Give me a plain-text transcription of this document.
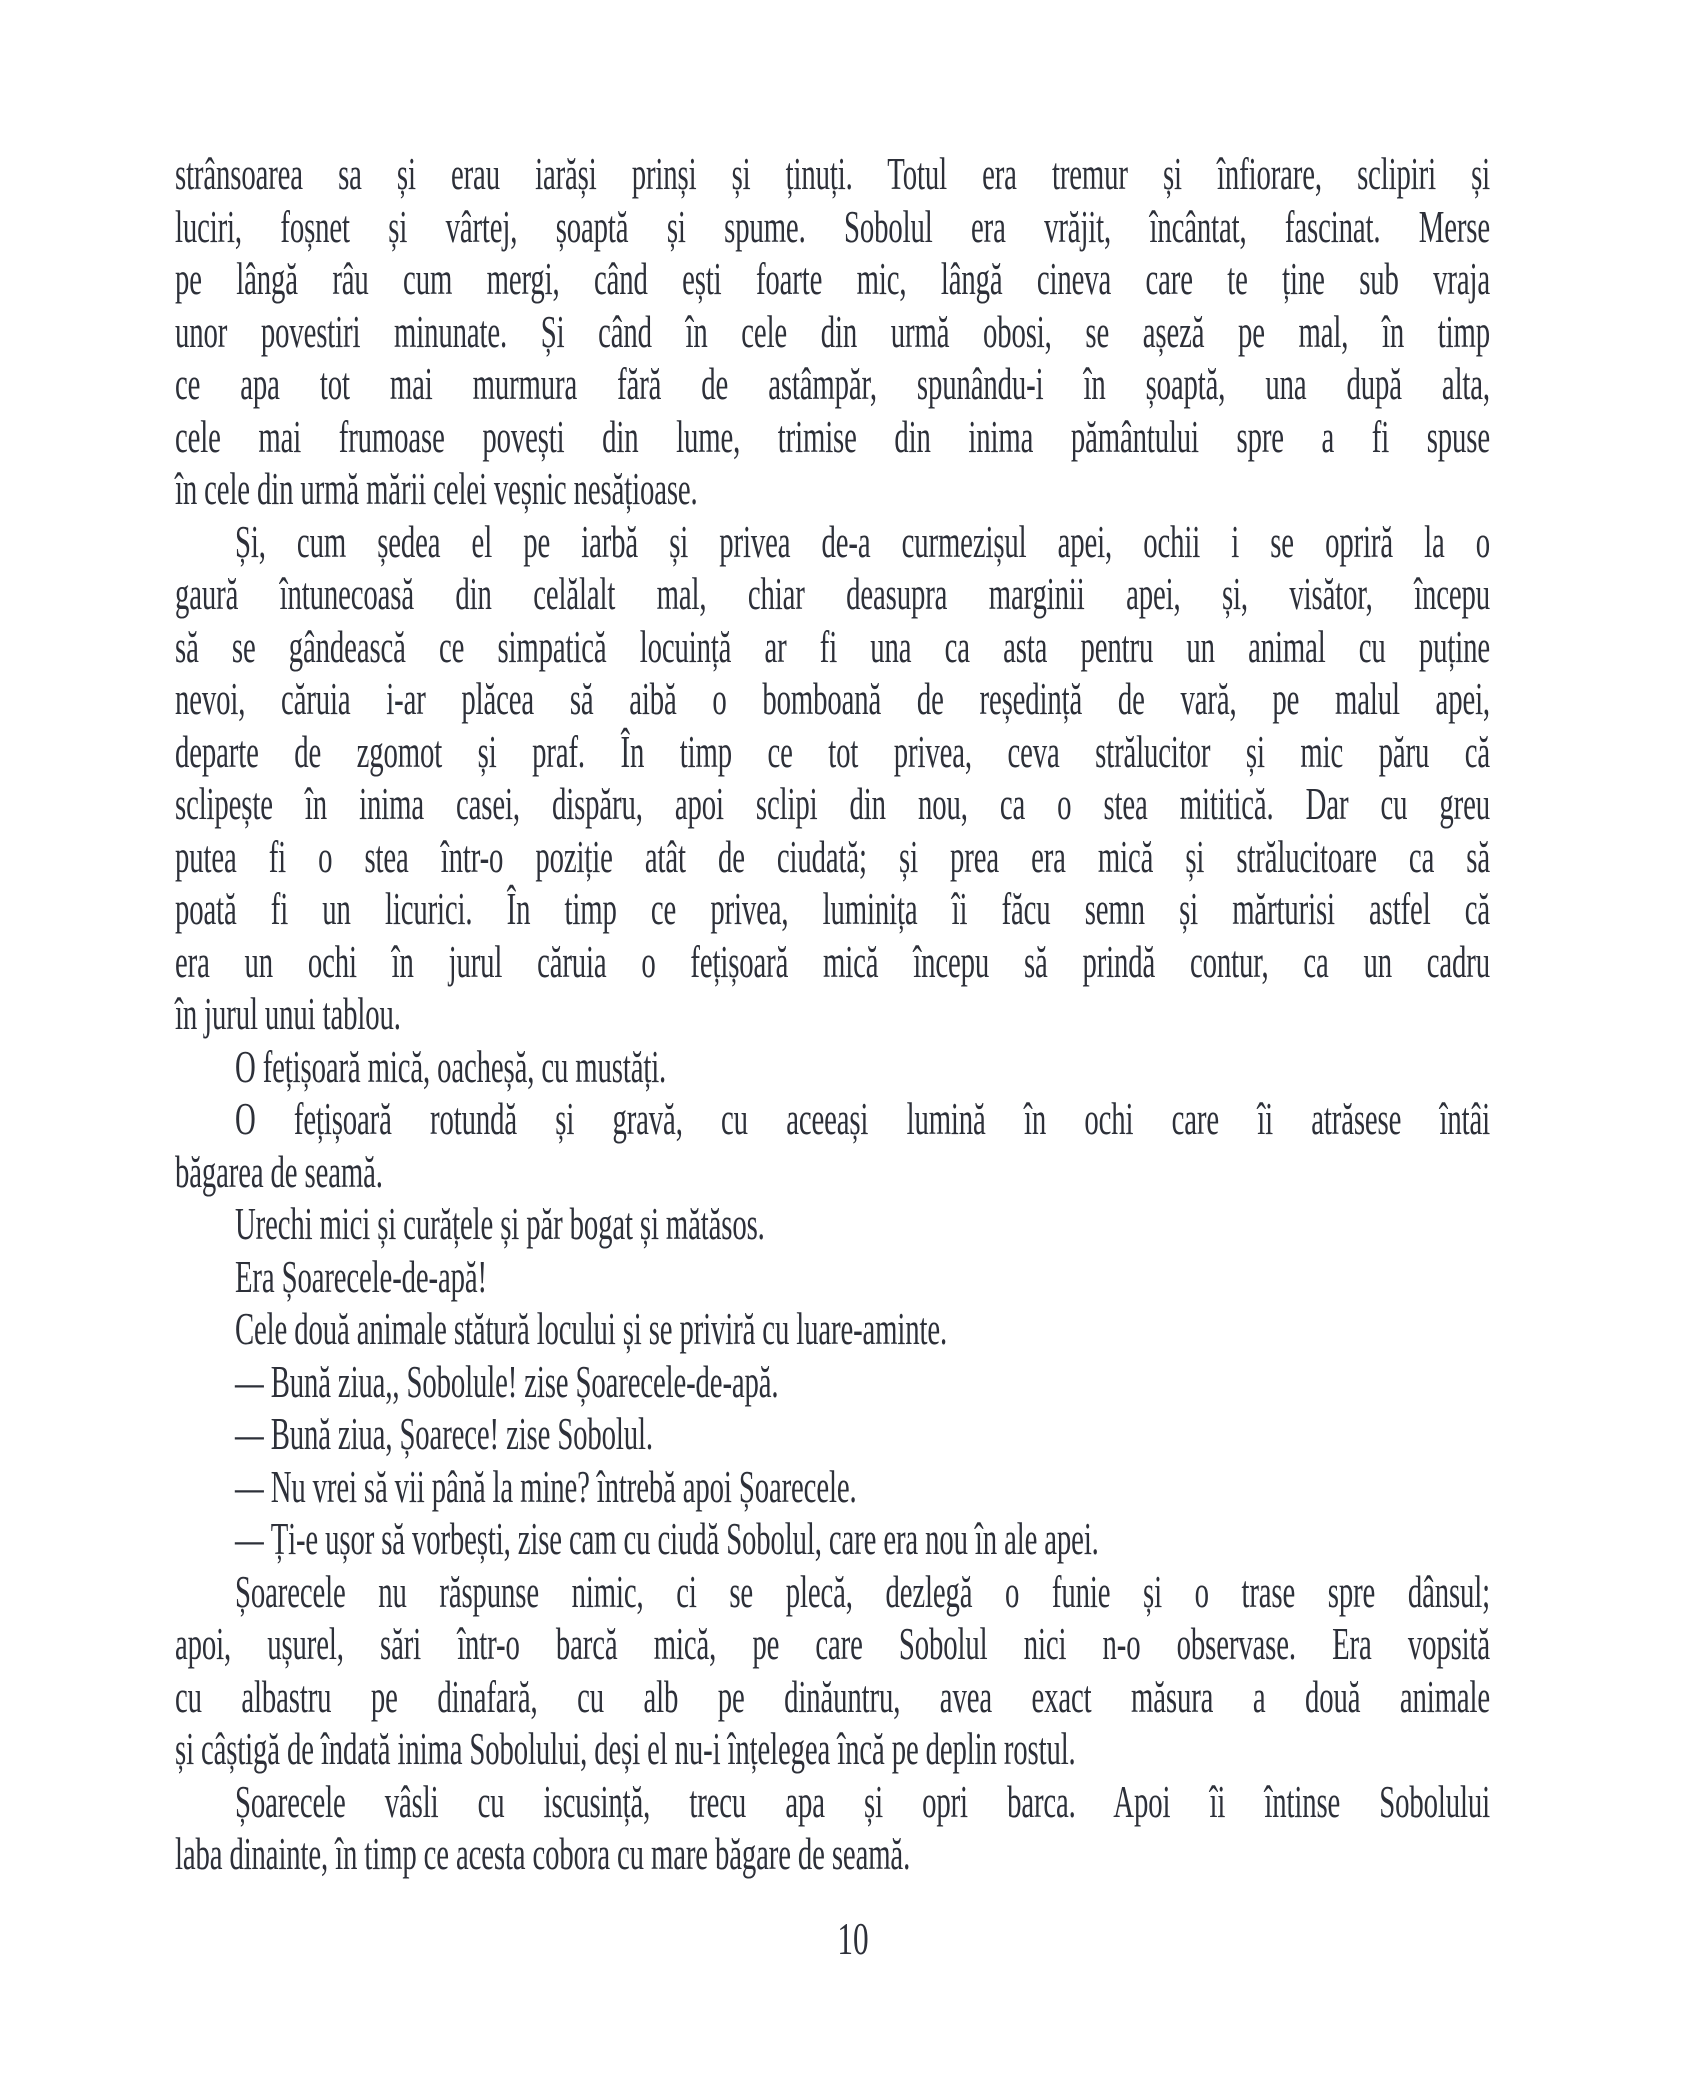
strânsoarea sa și erau iarăși prinși și ținuți. Totul era tremur și înfiorare, sclipiri și
luciri, foșnet și vârtej, șoaptă și spume. Sobolul era vrăjit, încântat, fascinat. Merse
pe lângă râu cum mergi, când ești foarte mic, lângă cineva care te ține sub vraja
unor povestiri minunate. Și când în cele din urmă obosi, se așeză pe mal, în timp
ce apa tot mai murmura fără de astâmpăr, spunându-i în șoaptă, una după alta,
cele mai frumoase povești din lume, trimise din inima pământului spre a fi spuse
în cele din urmă mării celei veșnic nesățioase.
Și, cum ședea el pe iarbă și privea de-a curmezișul apei, ochii i se opriră la o
gaură întunecoasă din celălalt mal, chiar deasupra marginii apei, și, visător, începu
să se gândească ce simpatică locuință ar fi una ca asta pentru un animal cu puține
nevoi, căruia i-ar plăcea să aibă o bomboană de reședință de vară, pe malul apei,
departe de zgomot și praf. În timp ce tot privea, ceva strălucitor și mic păru că
sclipește în inima casei, dispăru, apoi sclipi din nou, ca o stea mititică. Dar cu greu
putea fi o stea într-o poziție atât de ciudată; și prea era mică și strălucitoare ca să
poată fi un licurici. În timp ce privea, luminița îi făcu semn și mărturisi astfel că
era un ochi în jurul căruia o fețișoară mică începu să prindă contur, ca un cadru
în jurul unui tablou.
O fețișoară mică, oacheșă, cu mustăți.
O fețișoară rotundă și gravă, cu aceeași lumină în ochi care îi atrăsese întâi
băgarea de seamă.
Urechi mici și curățele și păr bogat și mătăsos.
Era Șoarecele-de-apă!
Cele două animale stătură locului și se priviră cu luare-aminte.
— Bună ziua,, Sobolule! zise Șoarecele-de-apă.
— Bună ziua, Șoarece! zise Sobolul.
— Nu vrei să vii până la mine? întrebă apoi Șoarecele.
— Ți-e ușor să vorbești, zise cam cu ciudă Sobolul, care era nou în ale apei.
Șoarecele nu răspunse nimic, ci se plecă, dezlegă o funie și o trase spre dânsul;
apoi, ușurel, sări într-o barcă mică, pe care Sobolul nici n-o observase. Era vopsită
cu albastru pe dinafară, cu alb pe dinăuntru, avea exact măsura a două animale
și câștigă de îndată inima Sobolului, deși el nu-i înțelegea încă pe deplin rostul.
Șoarecele vâsli cu iscusință, trecu apa și opri barca. Apoi îi întinse Sobolului
laba dinainte, în timp ce acesta cobora cu mare băgare de seamă.
10
